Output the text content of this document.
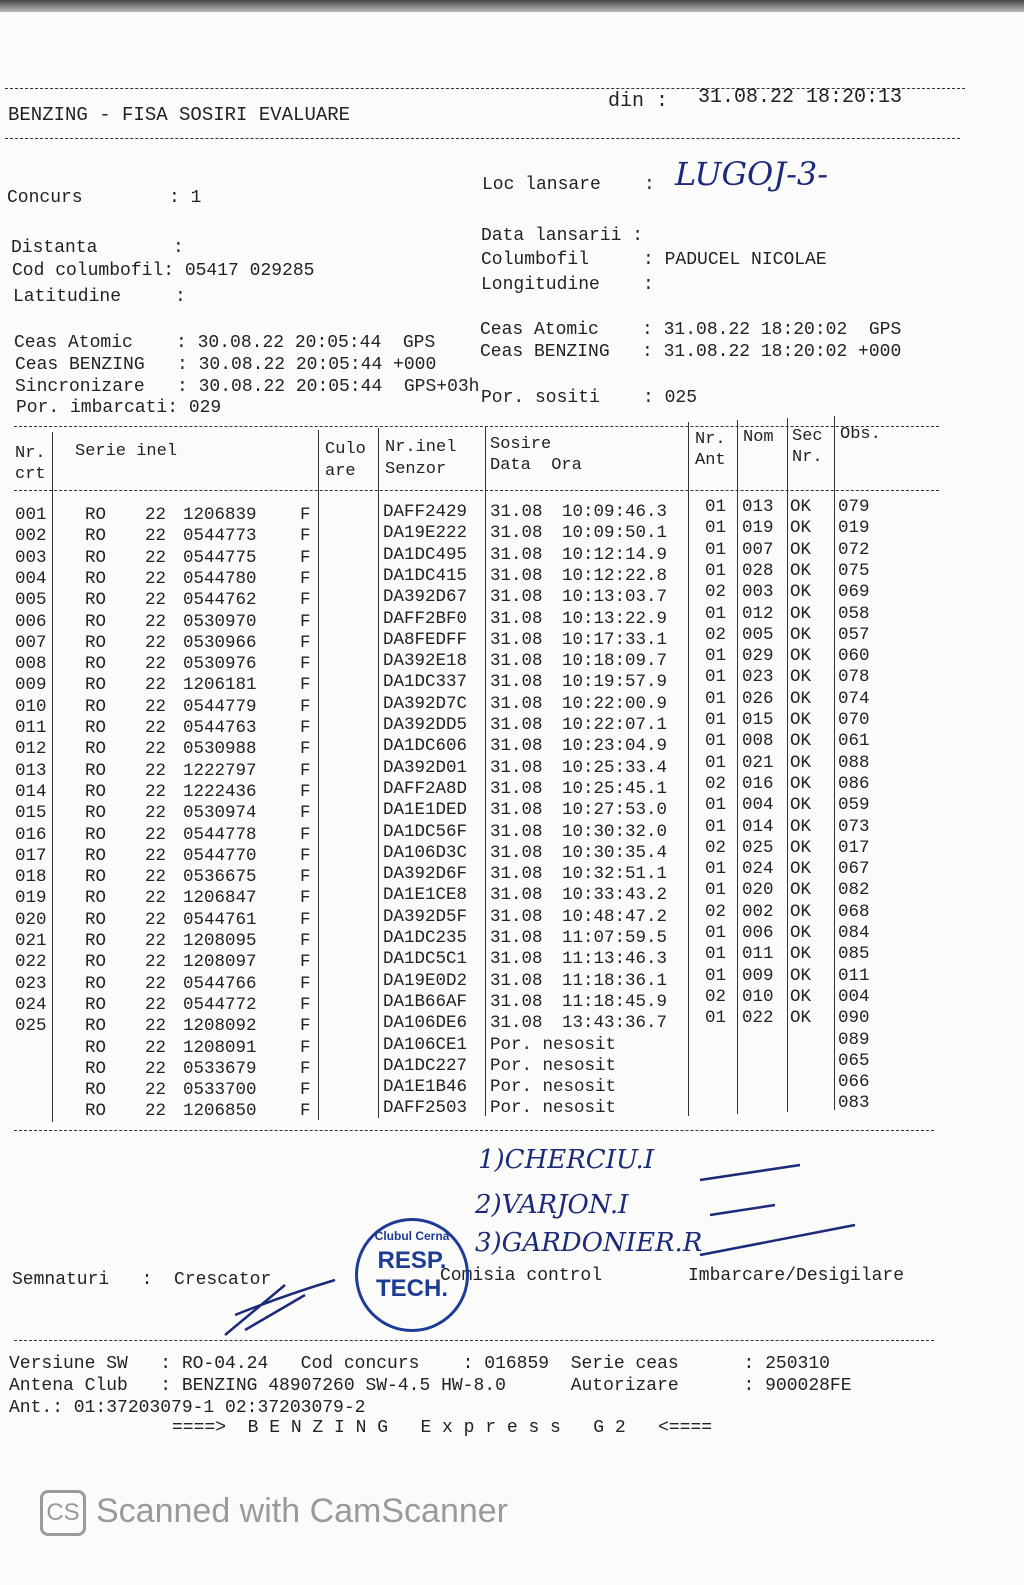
BENZING - FISA SOSIRI EVALUARE
din : 31.08.22 18:20:13
Concurs        : 1
Loc lansare    : LUGOJ-3-
Distanta       :
Data lansarii :
Cod columbofil: 05417 029285
Columbofil     : PADUCEL NICOLAE
Latitudine     :
Longitudine    :
Ceas Atomic    : 30.08.22 20:05:44  GPS
Ceas BENZING   : 30.08.22 20:05:44 +000
Sincronizare   : 30.08.22 20:05:44  GPS+03h
Por. imbarcati: 029
Ceas Atomic    : 31.08.22 18:20:02  GPS
Ceas BENZING   : 31.08.22 18:20:02 +000
Por. sositi    : 025
Nr.
crt
Serie inel	Culo
are
Nr.inel
Senzor
Sosire
Data  Ora
Nr.
Ant
Nom Sec
Nr.
Obs.
001 RO 22 1206839 F	DAFF2429 31.08 10:09:46.3 01 013 OK 079
002 RO 22 0544773 F	DA19E222 31.08 10:09:50.1 01 019 OK 019
003 RO 22 0544775 F	DA1DC495 31.08 10:12:14.9 01 007 OK 072
004 RO 22 0544780 F	DA1DC415 31.08 10:12:22.8 01 028 OK 075
005 RO 22 0544762 F	DA392D67 31.08 10:13:03.7 02 003 OK 069
006 RO 22 0530970 F	DAFF2BF0 31.08 10:13:22.9 01 012 OK 058
007 RO 22 0530966 F	DA8FEDFF 31.08 10:17:33.1 02 005 OK 057
008 RO 22 0530976 F	DA392E18 31.08 10:18:09.7 01 029 OK 060
009 RO 22 1206181 F	DA1DC337 31.08 10:19:57.9 01 023 OK 078
010 RO 22 0544779 F	DA392D7C 31.08 10:22:00.9 01 026 OK 074
011 RO 22 0544763 F	DA392DD5 31.08 10:22:07.1 01 015 OK 070
012 RO 22 0530988 F	DA1DC606 31.08 10:23:04.9 01 008 OK 061
013 RO 22 1222797 F	DA392D01 31.08 10:25:33.4 01 021 OK 088
014 RO 22 1222436 F	DAFF2A8D 31.08 10:25:45.1 02 016 OK 086
015 RO 22 0530974 F	DA1E1DED 31.08 10:27:53.0 01 004 OK 059
016 RO 22 0544778 F	DA1DC56F 31.08 10:30:32.0 01 014 OK 073
017 RO 22 0544770 F	DA106D3C 31.08 10:30:35.4 02 025 OK 017
018 RO 22 0536675 F	DA392D6F 31.08 10:32:51.1 01 024 OK 067
019 RO 22 1206847 F	DA1E1CE8 31.08 10:33:43.2 01 020 OK 082
020 RO 22 0544761 F	DA392D5F 31.08 10:48:47.2 02 002 OK 068
021 RO 22 1208095 F	DA1DC235 31.08 11:07:59.5 01 006 OK 084
022 RO 22 1208097 F	DA1DC5C1 31.08 11:13:46.3 01 011 OK 085
023 RO 22 0544766 F	DA19E0D2 31.08 11:18:36.1 01 009 OK 011
024 RO 22 0544772 F	DA1B66AF 31.08 11:18:45.9 02 010 OK 004
025 RO 22 1208092 F	DA106DE6 31.08 13:43:36.7 01 022 OK 090
RO 22 1208091 F	DA106CE1 Por. nesosit	089
RO 22 0533679 F	DA1DC227 Por. nesosit	065
RO 22 0533700 F	DA1E1B46 Por. nesosit	066
RO 22 1206850 F	DAFF2503 Por. nesosit	083
1)CHERCIU.I
2)VARJON.I
3)GARDONIER.R
Semnaturi   :  Crescator	Comisia control	Imbarcare/Desigilare
Clubul Cerna
RESP.
TECH.
Versiune SW   : RO-04.24   Cod concurs    : 016859  Serie ceas      : 250310
Antena Club   : BENZING 48907260 SW-4.5 HW-8.0      Autorizare      : 900028FE
Ant.: 01:37203079-1 02:37203079-2
====>  B E N Z I N G   E x p r e s s   G 2   <====
CS Scanned with CamScanner
